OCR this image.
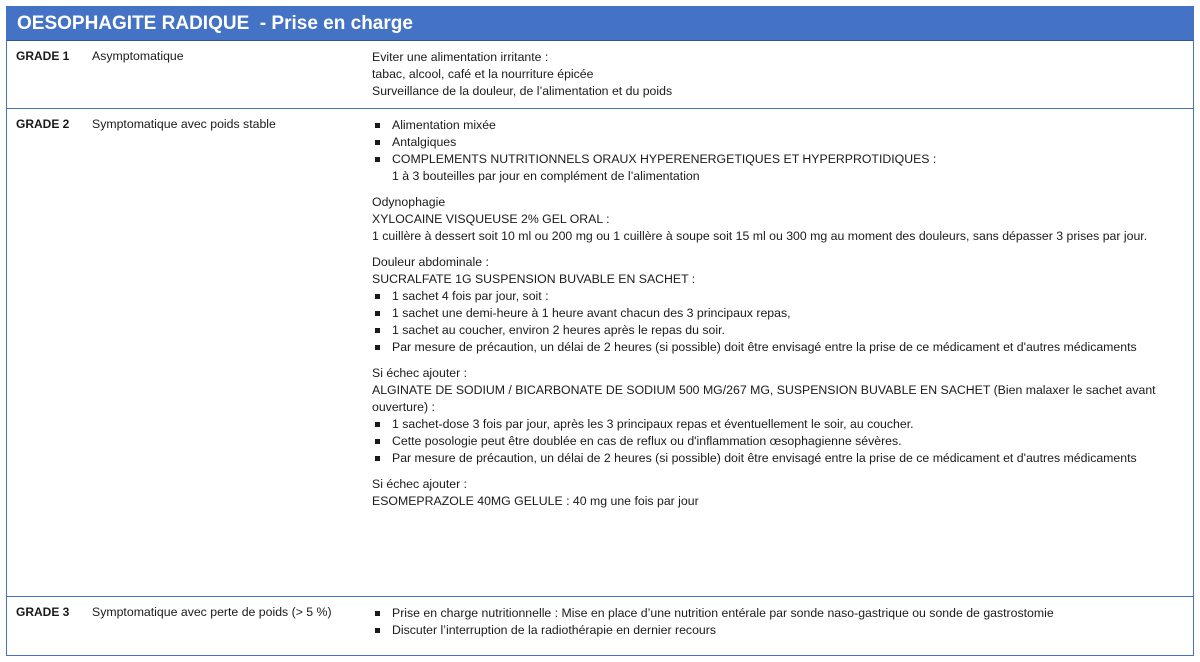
OESOPHAGITE RADIQUE  - Prise en charge
GRADE 1 Asymptomatique	Eviter une alimentation irritante :

tabac, alcool, café et la nourriture épicée

Surveillance de la douleur, de l’alimentation et du poids

GRADE 2 Symptomatique avec poids stable	Alimentation mixée
Antalgiques
COMPLEMENTS NUTRITIONNELS ORAUX HYPERENERGETIQUES ET HYPERPROTIDIQUES :

1 à 3 bouteilles par jour en complément de l’alimentation

Odynophagie

XYLOCAINE VISQUEUSE 2% GEL ORAL :

1 cuillère à dessert soit 10 ml ou 200 mg ou 1 cuillère à soupe soit 15 ml ou 300 mg au moment des douleurs, sans dépasser 3 prises par jour.

Douleur abdominale :

SUCRALFATE 1G SUSPENSION BUVABLE EN SACHET :

1 sachet 4 fois par jour, soit :
1 sachet une demi-heure à 1 heure avant chacun des 3 principaux repas,
1 sachet au coucher, environ 2 heures après le repas du soir.
Par mesure de précaution, un délai de 2 heures (si possible) doit être envisagé entre la prise de ce médicament et d'autres médicaments

Si échec ajouter :

ALGINATE DE SODIUM / BICARBONATE DE SODIUM 500 MG/267 MG, SUSPENSION BUVABLE EN SACHET (Bien malaxer le sachet avant ouverture) :

1 sachet-dose 3 fois par jour, après les 3 principaux repas et éventuellement le soir, au coucher.
Cette posologie peut être doublée en cas de reflux ou d'inflammation œsophagienne sévères.
Par mesure de précaution, un délai de 2 heures (si possible) doit être envisagé entre la prise de ce médicament et d'autres médicaments

Si échec ajouter :

ESOMEPRAZOLE 40MG GELULE : 40 mg une fois par jour

GRADE 3 Symptomatique avec perte de poids (> 5 %)	Prise en charge nutritionnelle : Mise en place d’une nutrition entérale par sonde naso-gastrique ou sonde de gastrostomie
Discuter l’interruption de la radiothérapie en dernier recours
